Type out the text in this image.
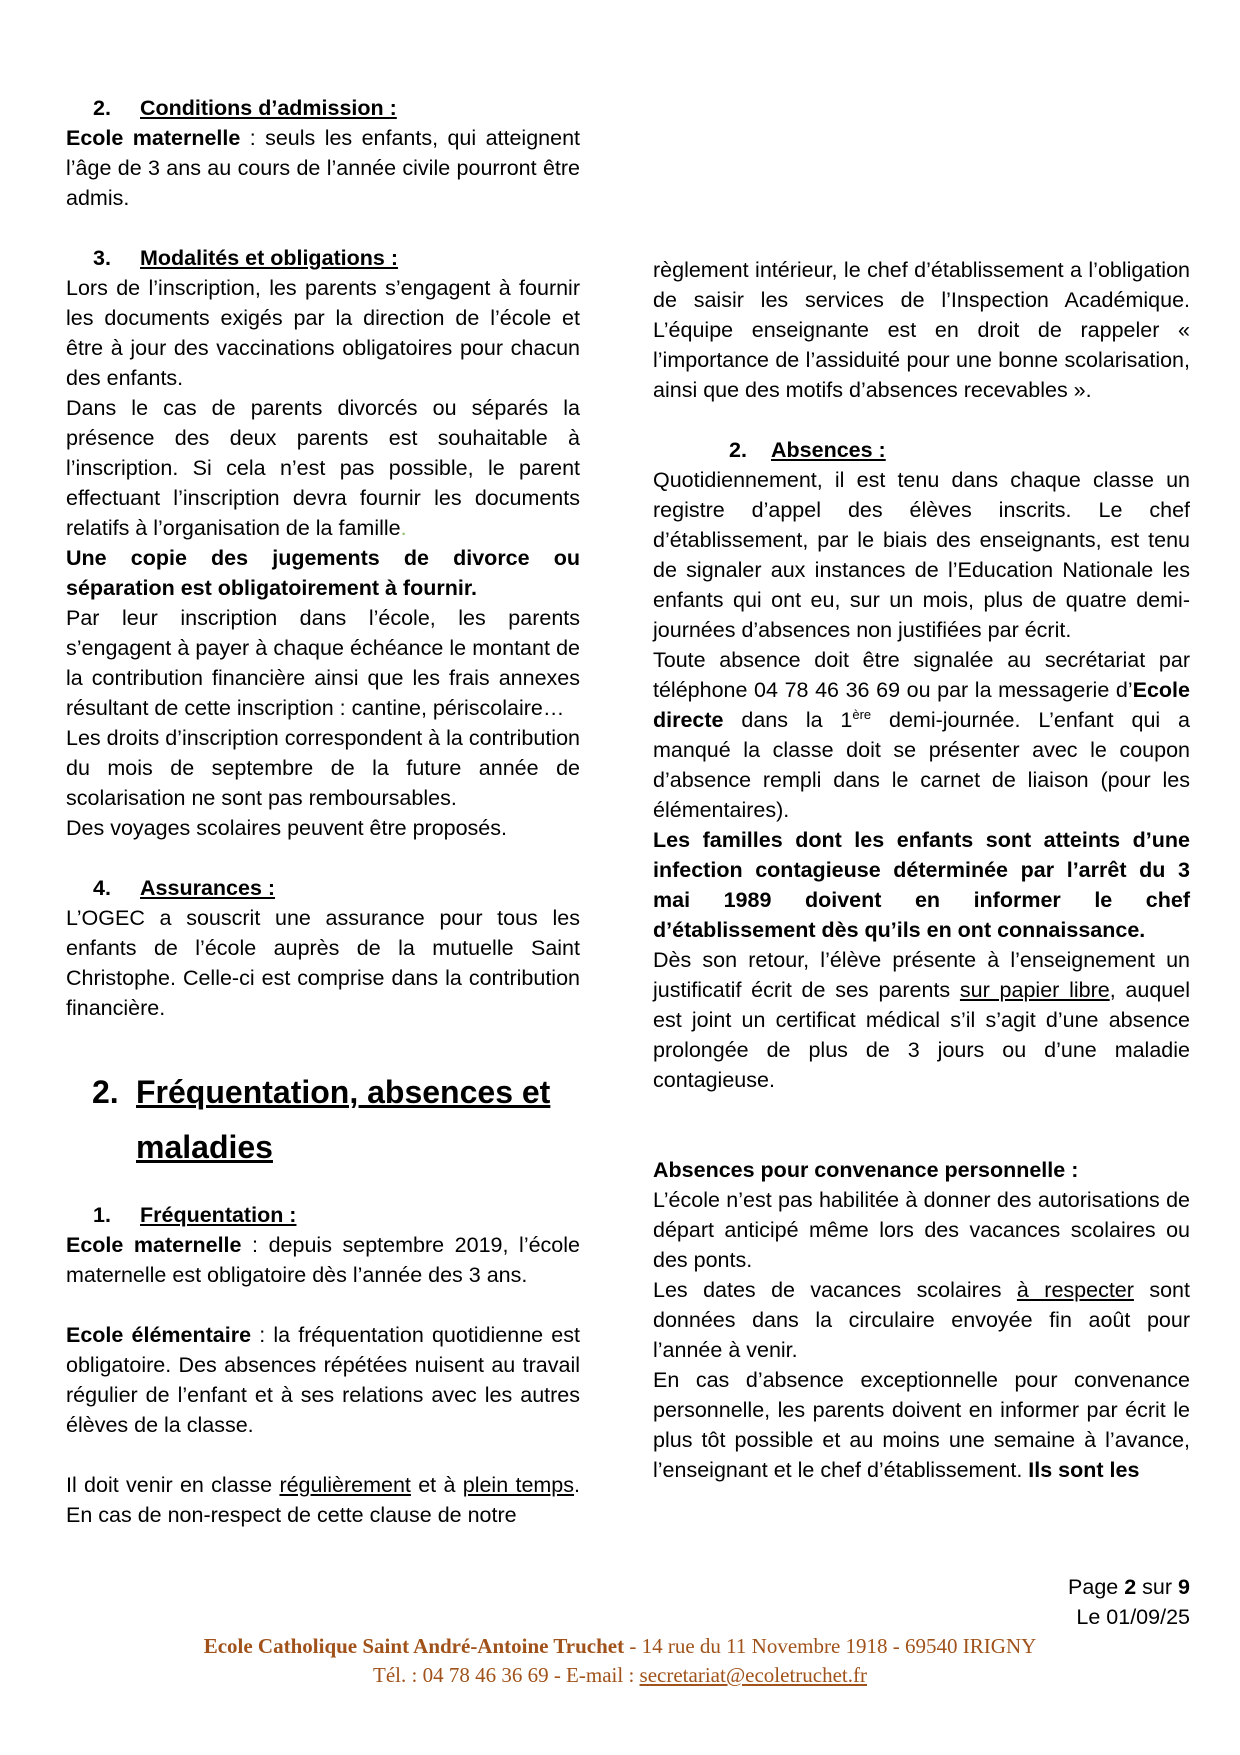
2. Conditions d’admission :
Ecole maternelle : seuls les enfants, qui atteignent l’âge de 3 ans au cours de l’année civile pourront être admis.
3. Modalités et obligations :
Lors de l’inscription, les parents s’engagent à fournir les documents exigés par la direction de l’école et être à jour des vaccinations obligatoires pour chacun des enfants.
Dans le cas de parents divorcés ou séparés la présence des deux parents est souhaitable à l’inscription. Si cela n’est pas possible, le parent effectuant l’inscription devra fournir les documents relatifs à l’organisation de la famille.
Une copie des jugements de divorce ou séparation est obligatoirement à fournir.
Par leur inscription dans l’école, les parents s’engagent à payer à chaque échéance le montant de la contribution financière ainsi que les frais annexes résultant de cette inscription : cantine, périscolaire…
Les droits d’inscription correspondent à la contribution du mois de septembre de la future année de scolarisation ne sont pas remboursables.
Des voyages scolaires peuvent être proposés.
4. Assurances :
L’OGEC a souscrit une assurance pour tous les enfants de l’école auprès de la mutuelle Saint Christophe. Celle-ci est comprise dans la contribution financière.
2. Fréquentation, absences et
maladies
1. Fréquentation :
Ecole maternelle : depuis septembre 2019, l’école maternelle est obligatoire dès l’année des 3 ans.
Ecole élémentaire : la fréquentation quotidienne est obligatoire. Des absences répétées nuisent au travail régulier de l’enfant et à ses relations avec les autres élèves de la classe.
Il doit venir en classe régulièrement et à plein temps. En cas de non-respect de cette clause de notre
règlement intérieur, le chef d’établissement a l’obligation de saisir les services de l’Inspection Académique. L’équipe enseignante est en droit de rappeler « l’importance de l’assiduité pour une bonne scolarisation, ainsi que des motifs d’absences recevables ».
2. Absences :
Quotidiennement, il est tenu dans chaque classe un registre d’appel des élèves inscrits. Le chef d’établissement, par le biais des enseignants, est tenu de signaler aux instances de l’Education Nationale les enfants qui ont eu, sur un mois, plus de quatre demi-journées d’absences non justifiées par écrit.
Toute absence doit être signalée au secrétariat par téléphone 04 78 46 36 69 ou par la messagerie d’Ecole directe dans la 1ère demi-journée. L’enfant qui a manqué la classe doit se présenter avec le coupon d’absence rempli dans le carnet de liaison (pour les élémentaires).
Les familles dont les enfants sont atteints d’une infection contagieuse déterminée par l’arrêt du 3 mai 1989 doivent en informer le chef d’établissement dès qu’ils en ont connaissance.
Dès son retour, l’élève présente à l’enseignement un justificatif écrit de ses parents sur papier libre, auquel est joint un certificat médical s’il s’agit d’une absence prolongée de plus de 3 jours ou d’une maladie contagieuse.
Absences pour convenance personnelle :
L’école n’est pas habilitée à donner des autorisations de départ anticipé même lors des vacances scolaires ou des ponts.
Les dates de vacances scolaires à respecter sont données dans la circulaire envoyée fin août pour l’année à venir.
En cas d’absence exceptionnelle pour convenance personnelle, les parents doivent en informer par écrit le plus tôt possible et au moins une semaine à l’avance, l’enseignant et le chef d’établissement. Ils sont les
Page 2 sur 9
Le 01/09/25
Ecole Catholique Saint André-Antoine Truchet - 14 rue du 11 Novembre 1918 - 69540 IRIGNY
Tél. : 04 78 46 36 69 - E-mail : secretariat@ecoletruchet.fr
